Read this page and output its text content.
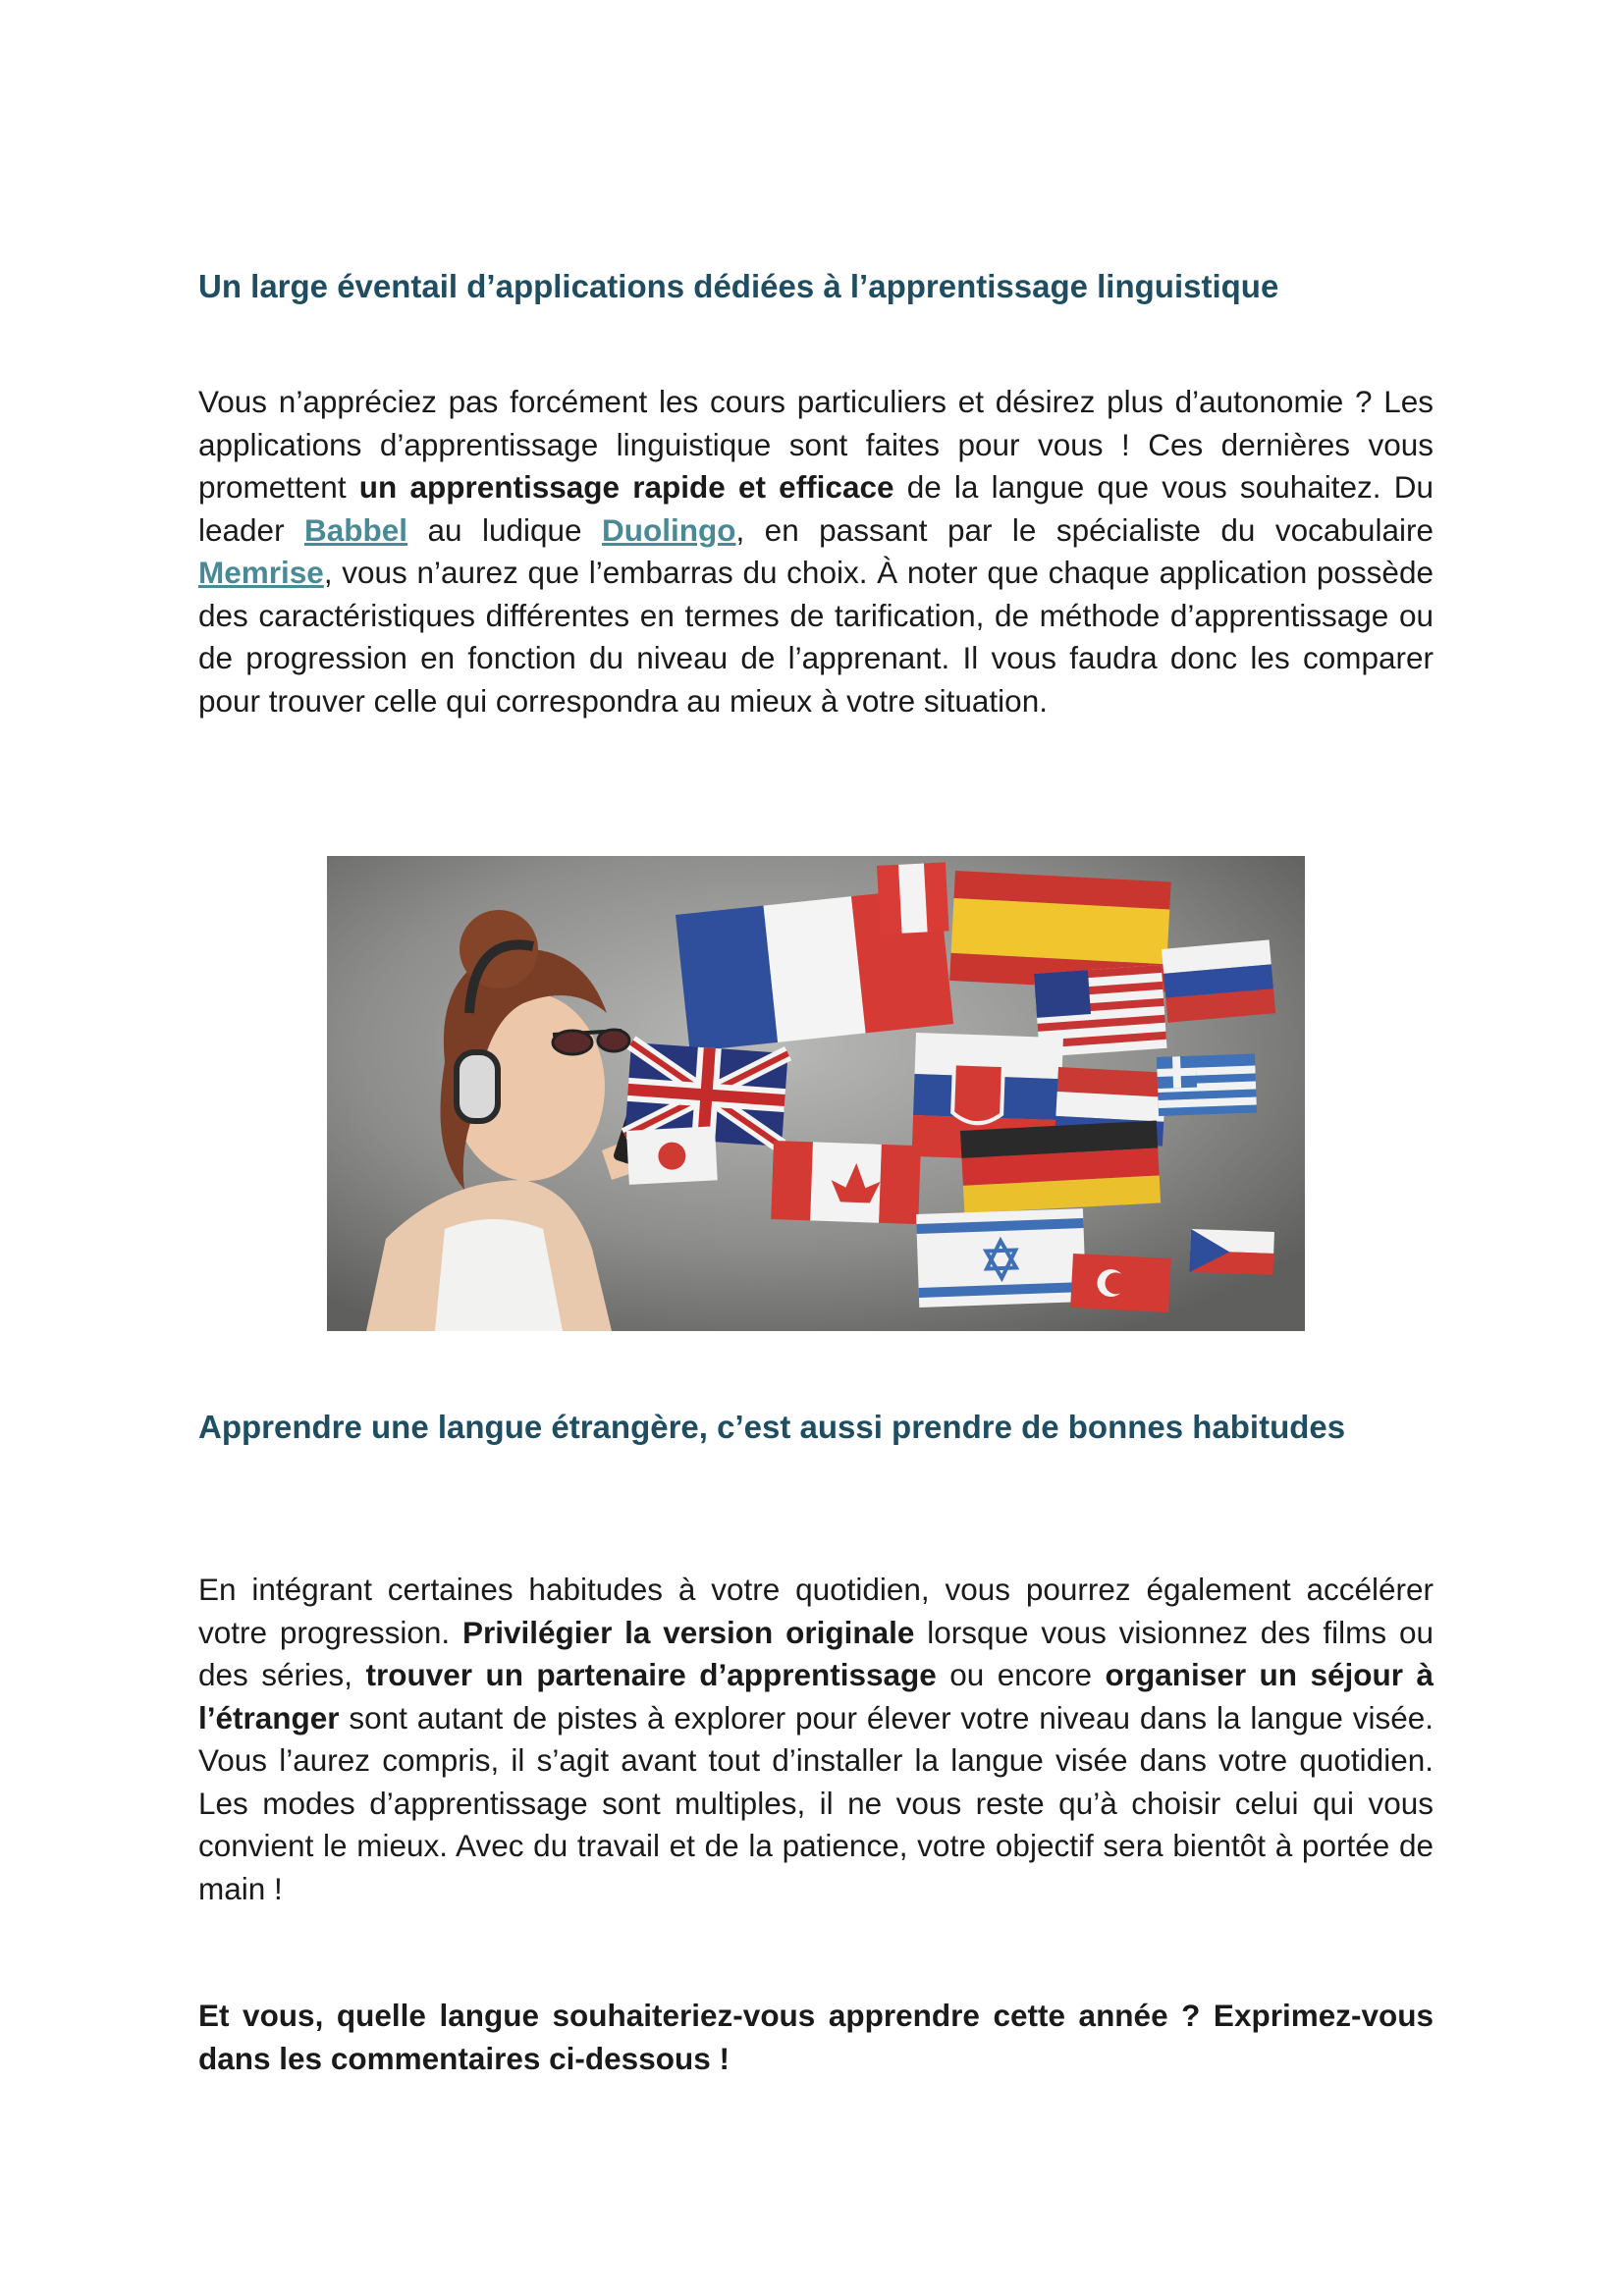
Un large éventail d’applications dédiées à l’apprentissage linguistique

Vous n’appréciez pas forcément les cours particuliers et désirez plus d’autonomie ? Les applications d’apprentissage linguistique sont faites pour vous ! Ces dernières vous promettent un apprentissage rapide et efficace de la langue que vous souhaitez. Du leader Babbel au ludique Duolingo, en passant par le spécialiste du vocabulaire Memrise, vous n’aurez que l’embarras du choix. À noter que chaque application possède des caractéristiques différentes en termes de tarification, de méthode d’apprentissage ou de progression en fonction du niveau de l’apprenant. Il vous faudra donc les comparer pour trouver celle qui correspondra au mieux à votre situation.

Apprendre une langue étrangère, c’est aussi prendre de bonnes habitudes

En intégrant certaines habitudes à votre quotidien, vous pourrez également accélérer votre progression. Privilégier la version originale lorsque vous visionnez des films ou des séries, trouver un partenaire d’apprentissage ou encore organiser un séjour à l’étranger sont autant de pistes à explorer pour élever votre niveau dans la langue visée. Vous l’aurez compris, il s’agit avant tout d’installer la langue visée dans votre quotidien. Les modes d’apprentissage sont multiples, il ne vous reste qu’à choisir celui qui vous convient le mieux. Avec du travail et de la patience, votre objectif sera bientôt à portée de main !

Et vous, quelle langue souhaiteriez-vous apprendre cette année ? Exprimez-vous dans les commentaires ci-dessous !
